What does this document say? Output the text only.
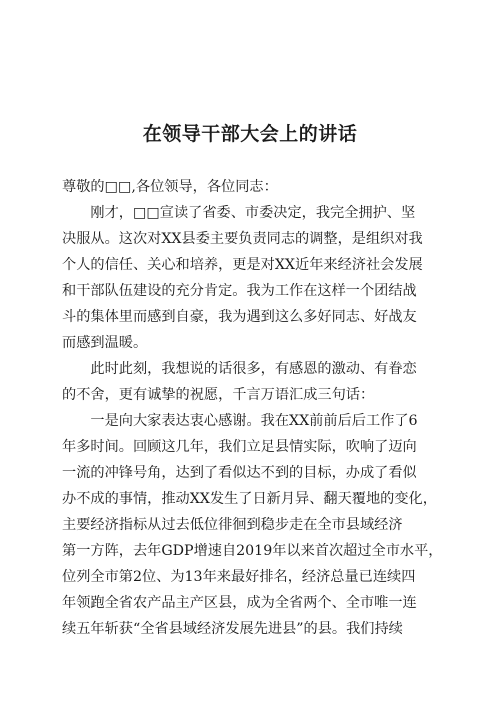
在领导干部大会上的讲话

尊敬的□□,各位领导，各位同志：

刚才，□□宣读了省委、市委决定，我完全拥护、坚
决服从。这次对XX县委主要负责同志的调整，是组织对我
个人的信任、关心和培养，更是对XX近年来经济社会发展
和干部队伍建设的充分肯定。我为工作在这样一个团结战
斗的集体里而感到自豪，我为遇到这么多好同志、好战友
而感到温暖。

此时此刻，我想说的话很多，有感恩的激动、有眷恋
的不舍，更有诚挚的祝愿，千言万语汇成三句话：

一是向大家表达衷心感谢。我在XX前前后后工作了6
年多时间。回顾这几年，我们立足县情实际，吹响了迈向
一流的冲锋号角，达到了看似达不到的目标，办成了看似
办不成的事情，推动XX发生了日新月异、翻天覆地的变化，
主要经济指标从过去低位徘徊到稳步走在全市县域经济
第一方阵，去年GDP增速自2019年以来首次超过全市水平，
位列全市第2位、为13年来最好排名，经济总量已连续四
年领跑全省农产品主产区县，成为全省两个、全市唯一连
续五年斩获“全省县域经济发展先进县”的县。我们持续
